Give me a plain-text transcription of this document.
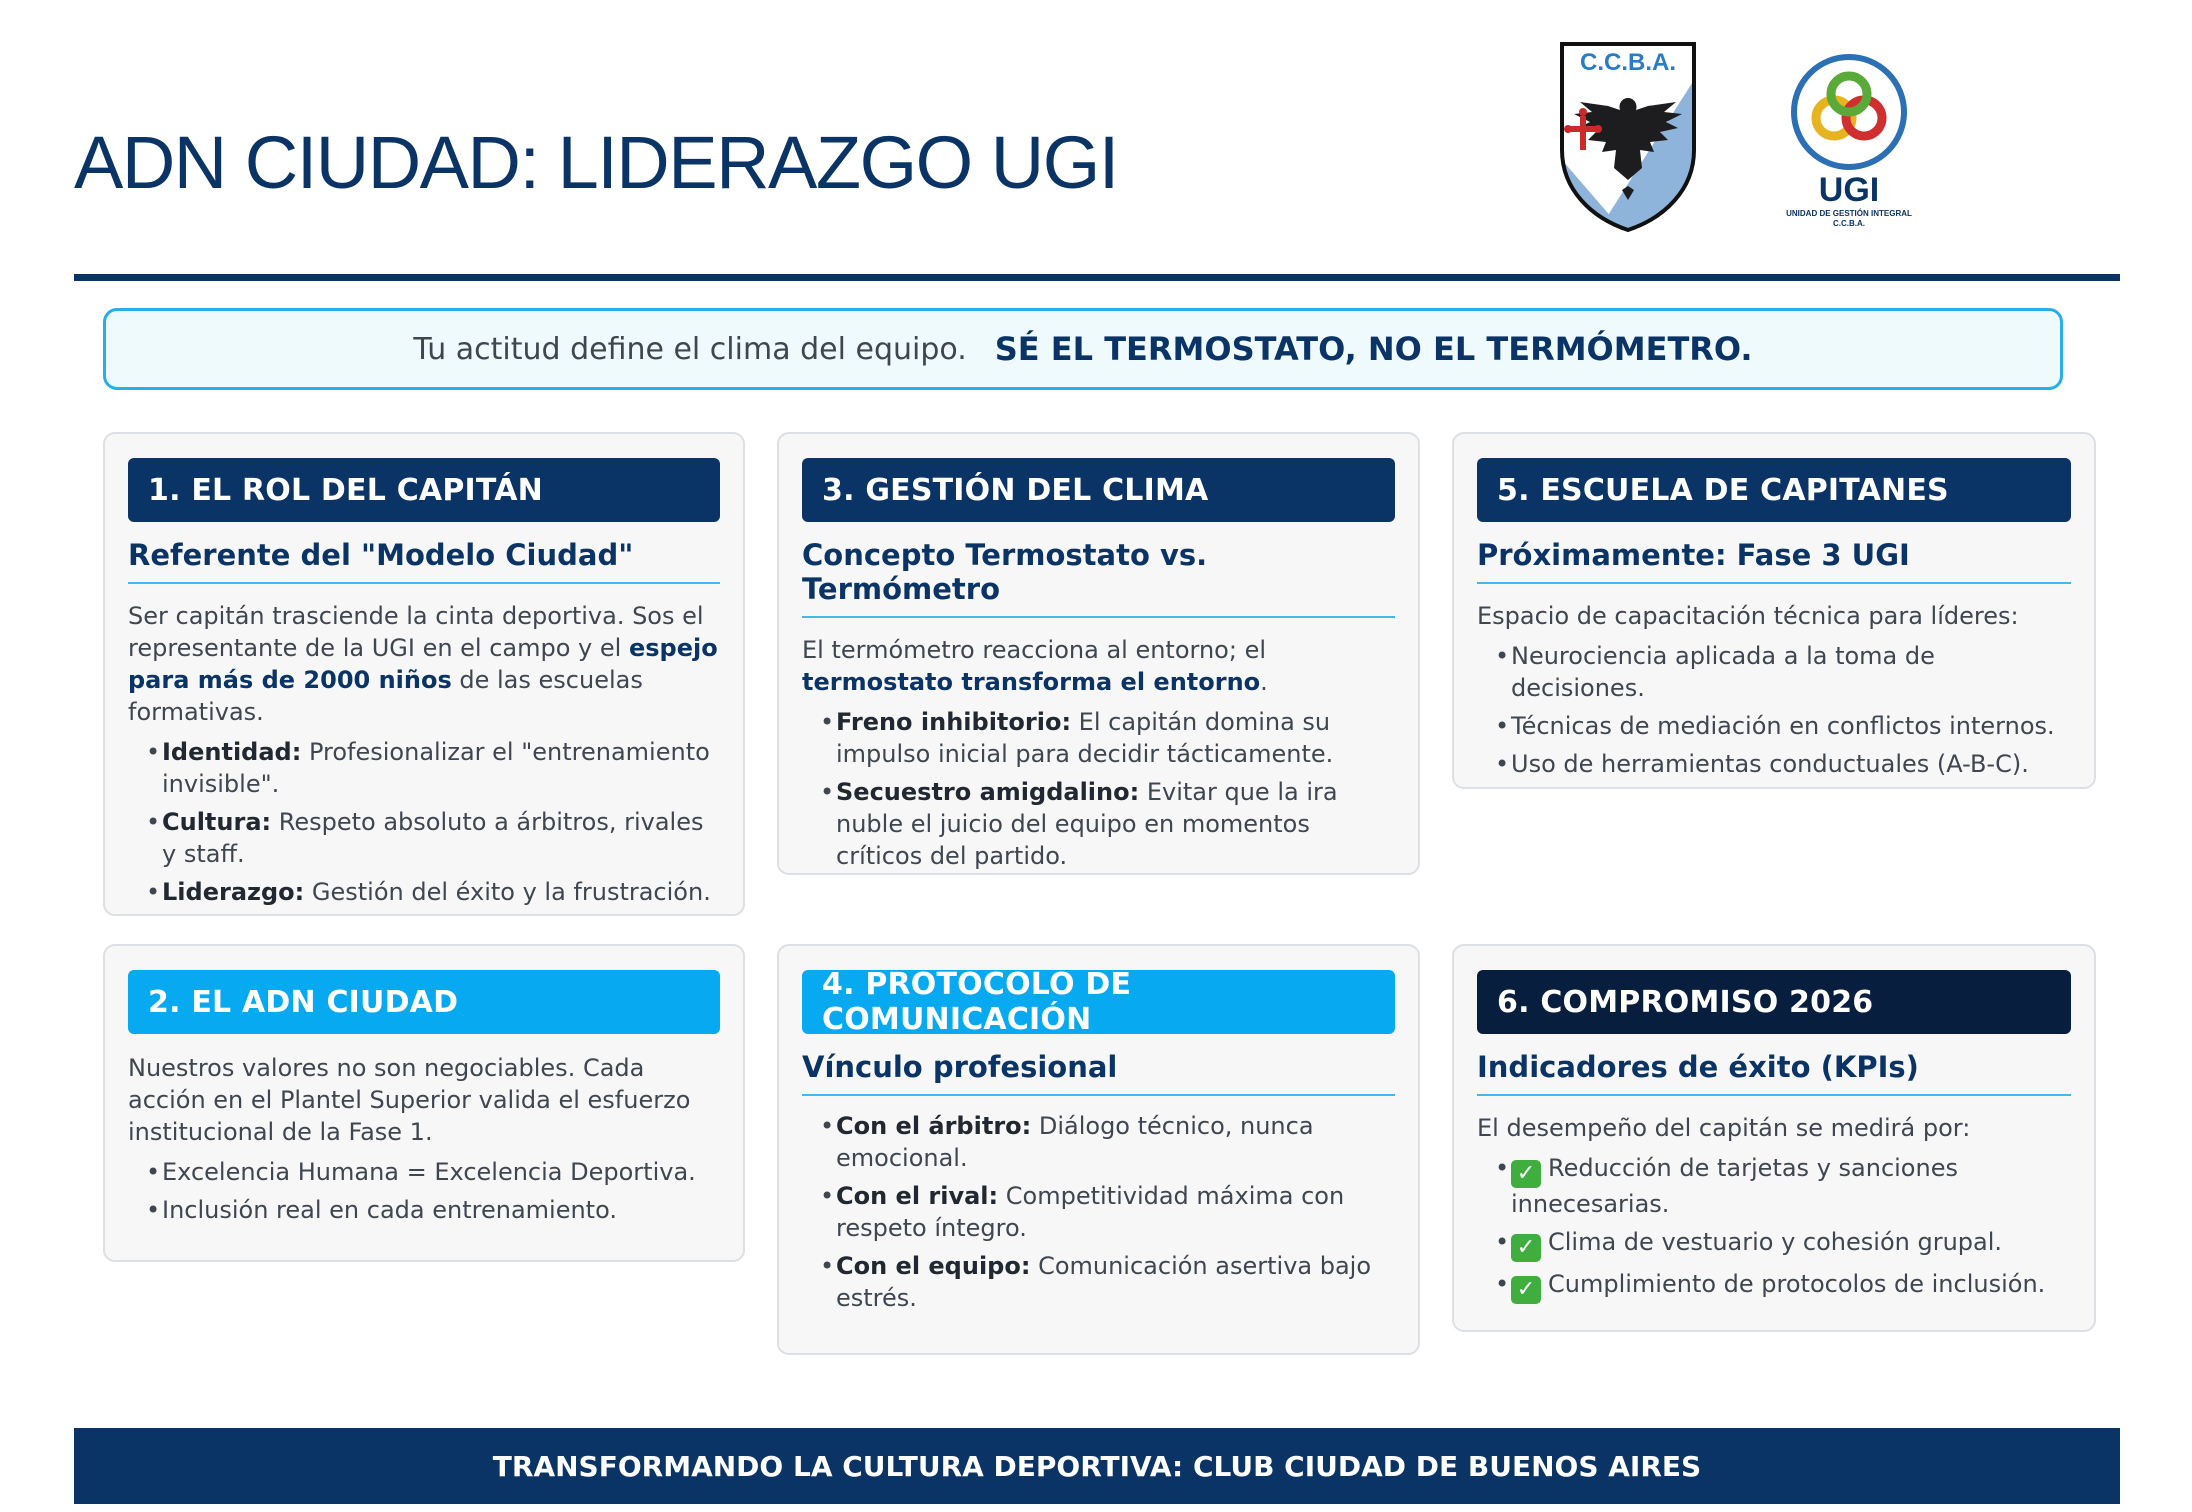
ADN CIUDAD: LIDERAZGO UGI
C.C.B.A.
UGI
UNIDAD DE GESTIÓN INTEGRAL
C.C.B.A.
Tu actitud define el clima del equipo. SÉ EL TERMOSTATO, NO EL TERMÓMETRO.
1. EL ROL DEL CAPITÁN
Referente del "Modelo Ciudad"

Ser capitán trasciende la cinta deportiva. Sos el representante de la UGI en el campo y el espejo para más de 2000 niños de las escuelas formativas.

• Identidad: Profesionalizar el "entrenamiento invisible".
• Cultura: Respeto absoluto a árbitros, rivales y staff.
• Liderazgo: Gestión del éxito y la frustración.
3. GESTIÓN DEL CLIMA
Concepto Termostato vs. Termómetro

El termómetro reacciona al entorno; el termostato transforma el entorno.

• Freno inhibitorio: El capitán domina su impulso inicial para decidir tácticamente.
• Secuestro amigdalino: Evitar que la ira nuble el juicio del equipo en momentos críticos del partido.
5. ESCUELA DE CAPITANES
Próximamente: Fase 3 UGI

Espacio de capacitación técnica para líderes:

• Neurociencia aplicada a la toma de decisiones.
• Técnicas de mediación en conflictos internos.
• Uso de herramientas conductuales (A-B-C).
2. EL ADN CIUDAD

Nuestros valores no son negociables. Cada acción en el Plantel Superior valida el esfuerzo institucional de la Fase 1.

• Excelencia Humana = Excelencia Deportiva.
• Inclusión real en cada entrenamiento.
4. PROTOCOLO DE COMUNICACIÓN
Vínculo profesional
• Con el árbitro: Diálogo técnico, nunca emocional.
• Con el rival: Competitividad máxima con respeto íntegro.
• Con el equipo: Comunicación asertiva bajo estrés.
6. COMPROMISO 2026
Indicadores de éxito (KPIs)

El desempeño del capitán se medirá por:

• ✓ Reducción de tarjetas y sanciones innecesarias.
• ✓ Clima de vestuario y cohesión grupal.
• ✓ Cumplimiento de protocolos de inclusión.
TRANSFORMANDO LA CULTURA DEPORTIVA: CLUB CIUDAD DE BUENOS AIRES
